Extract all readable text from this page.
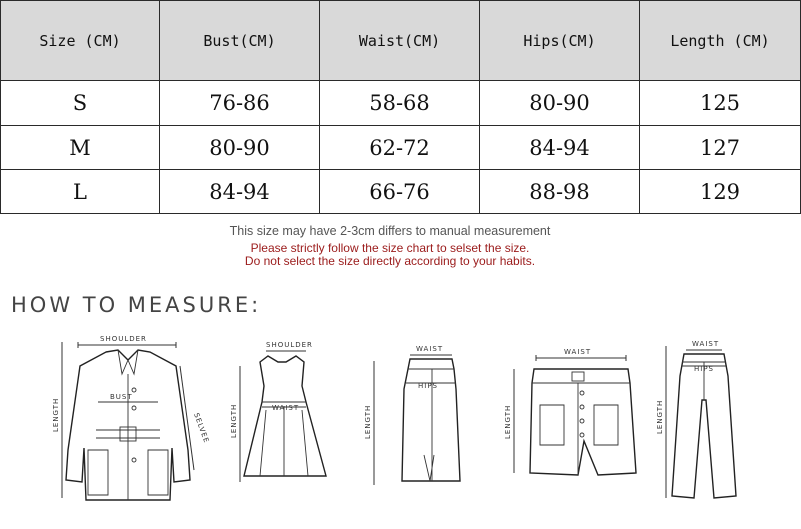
Size (CM)	Bust(CM)	Waist(CM)	Hips(CM)	Length (CM)
S	76-86	58-68	80-90	125
M	80-90	62-72	84-94	127
L	84-94	66-76	88-98	129
This size may have 2-3cm differs to manual measurement
Please strictly follow the size chart to selset the size.
Do not select the size directly according to your habits.
HOW TO MEASURE:
SHOULDER
LENGTH
BUST
SELVEE
SHOULDER
LENGTH	WAIST
WAIST
LENGTH
HIPS
WAIST
LENGTH
WAIST
LENGTH
HIPS
